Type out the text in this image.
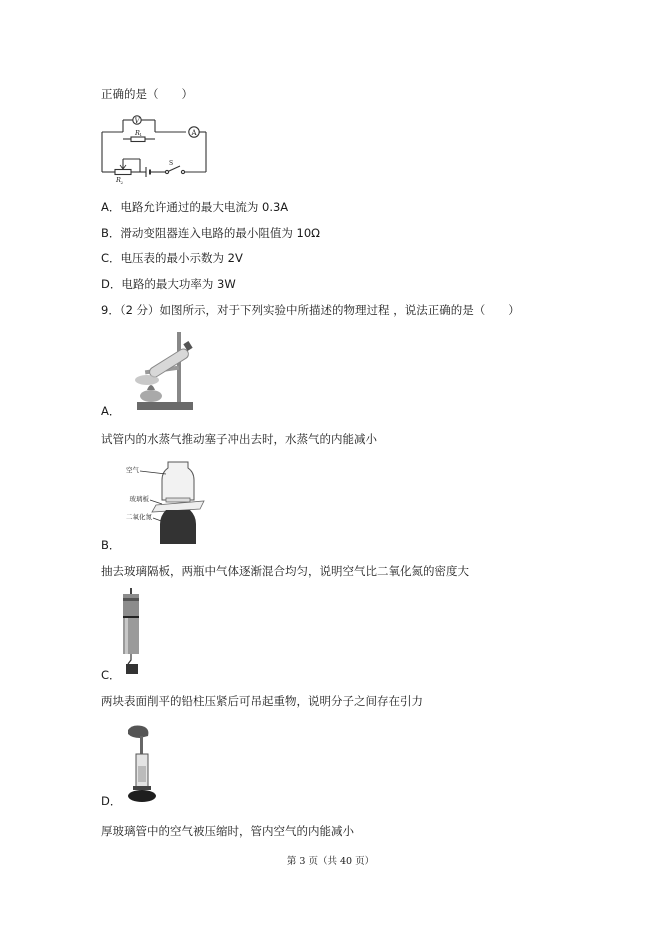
正确的是（　　）
V
A
R 1
R 2
S
A．电路允许通过的最大电流为 0.3A
B．滑动变阻器连入电路的最小阻值为 10Ω
C．电压表的最小示数为 2V
D．电路的最大功率为 3W
9．（2 分）如图所示，对于下列实验中所描述的物理过程 ，说法正确的是（　　）
A．
试管内的水蒸气推动塞子冲出去时，水蒸气的内能减小
空气
玻璃板
二氧化氮
B．
抽去玻璃隔板，两瓶中气体逐渐混合均匀，说明空气比二氧化氮的密度大
C．
两块表面削平的铅柱压紧后可吊起重物，说明分子之间存在引力
D．
厚玻璃管中的空气被压缩时，管内空气的内能减小
第 3 页（共 40 页）
